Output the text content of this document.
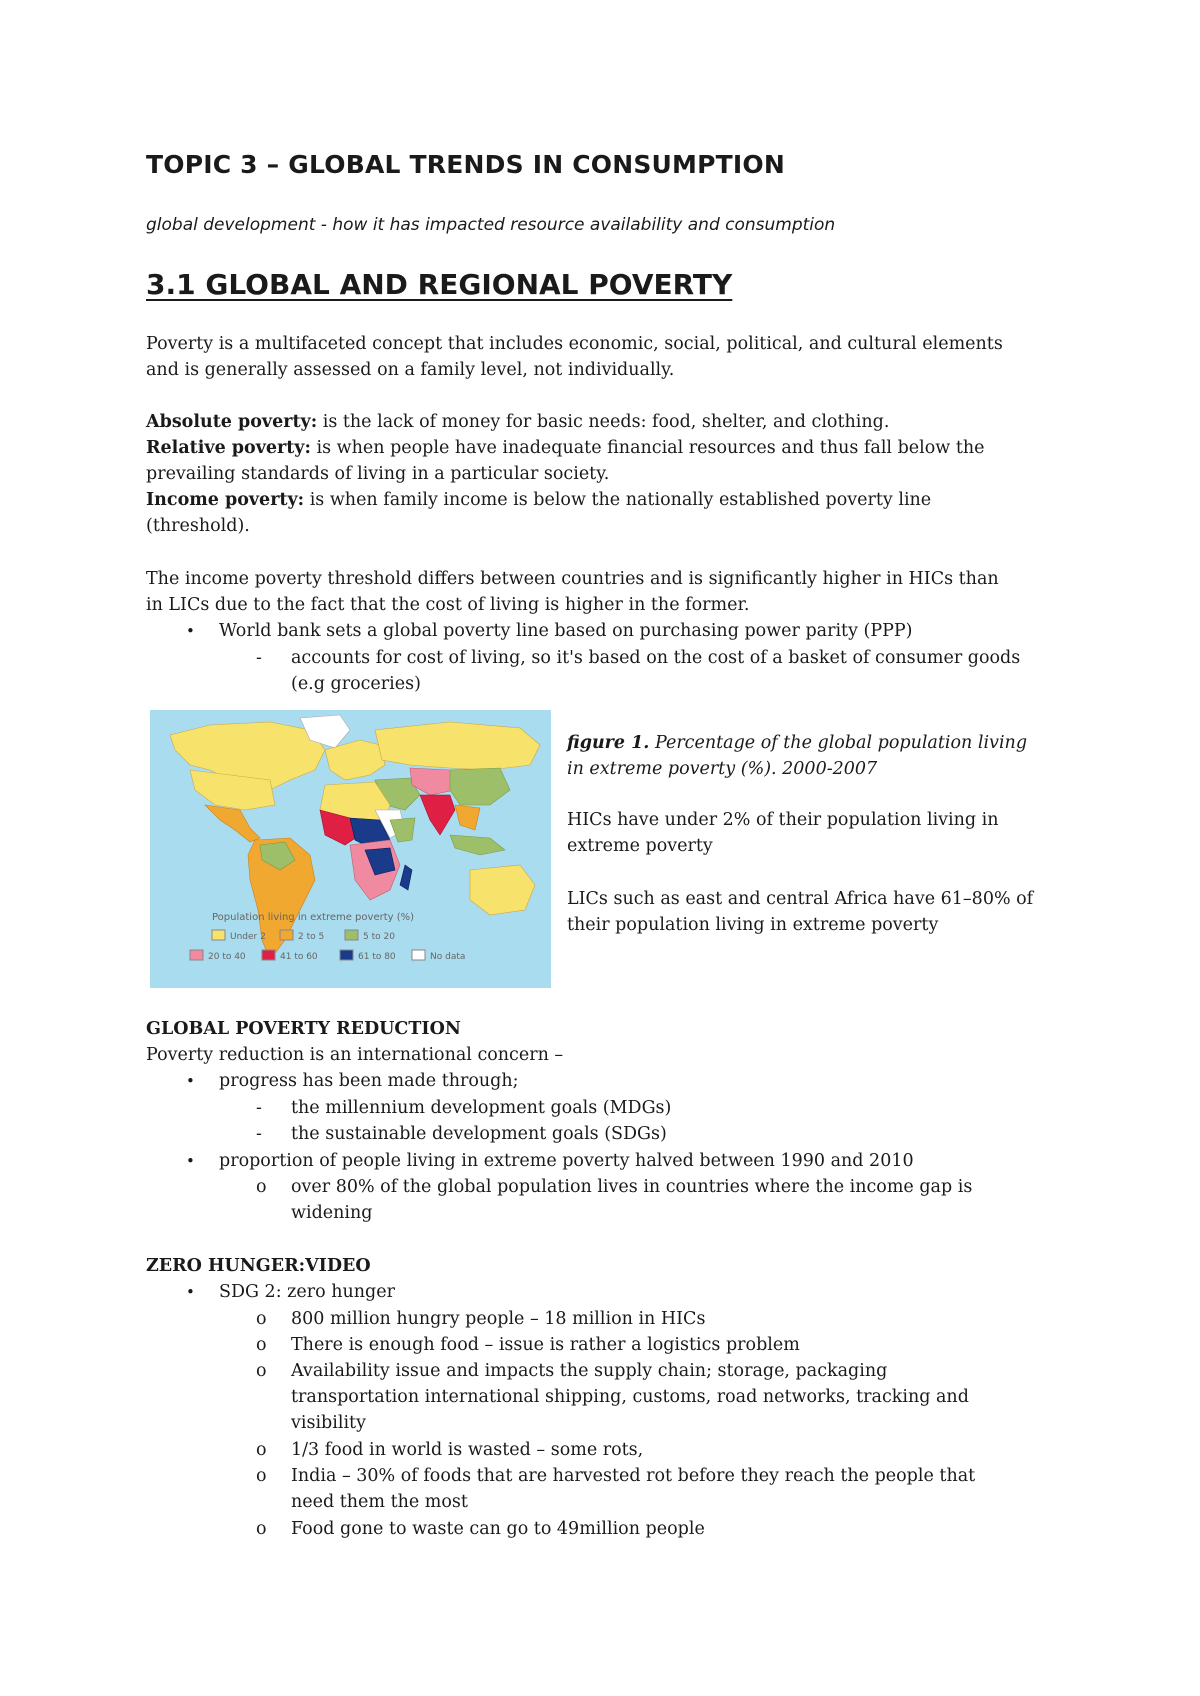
TOPIC 3 – GLOBAL TRENDS IN CONSUMPTION
global development - how it has impacted resource availability and consumption
3.1 GLOBAL AND REGIONAL POVERTY
Poverty is a multifaceted concept that includes economic, social, political, and cultural elements
and is generally assessed on a family level, not individually.
Absolute poverty: is the lack of money for basic needs: food, shelter, and clothing.
Relative poverty: is when people have inadequate financial resources and thus fall below the
prevailing standards of living in a particular society.
Income poverty: is when family income is below the nationally established poverty line
(threshold).
The income poverty threshold differs between countries and is significantly higher in HICs than
in LICs due to the fact that the cost of living is higher in the former.
• World bank sets a global poverty line based on purchasing power parity (PPP)
- accounts for cost of living, so it's based on the cost of a basket of consumer goods
(e.g groceries)
Population living in extreme poverty (%)
Under 2	2 to 5	5 to 20
20 to 40	41 to 60	61 to 80	No data
figure 1. Percentage of the global population living
in extreme poverty (%). 2000-2007
HICs have under 2% of their population living in
extreme poverty
LICs such as east and central Africa have 61–80% of
their population living in extreme poverty
GLOBAL POVERTY REDUCTION
Poverty reduction is an international concern –
• progress has been made through;
- the millennium development goals (MDGs)
- the sustainable development goals (SDGs)
• proportion of people living in extreme poverty halved between 1990 and 2010
o over 80% of the global population lives in countries where the income gap is
widening
ZERO HUNGER:VIDEO
• SDG 2: zero hunger
o 800 million hungry people – 18 million in HICs
o There is enough food – issue is rather a logistics problem
o Availability issue and impacts the supply chain; storage, packaging
transportation international shipping, customs, road networks, tracking and
visibility
o 1/3 food in world is wasted – some rots,
o India – 30% of foods that are harvested rot before they reach the people that
need them the most
o Food gone to waste can go to 49million people
